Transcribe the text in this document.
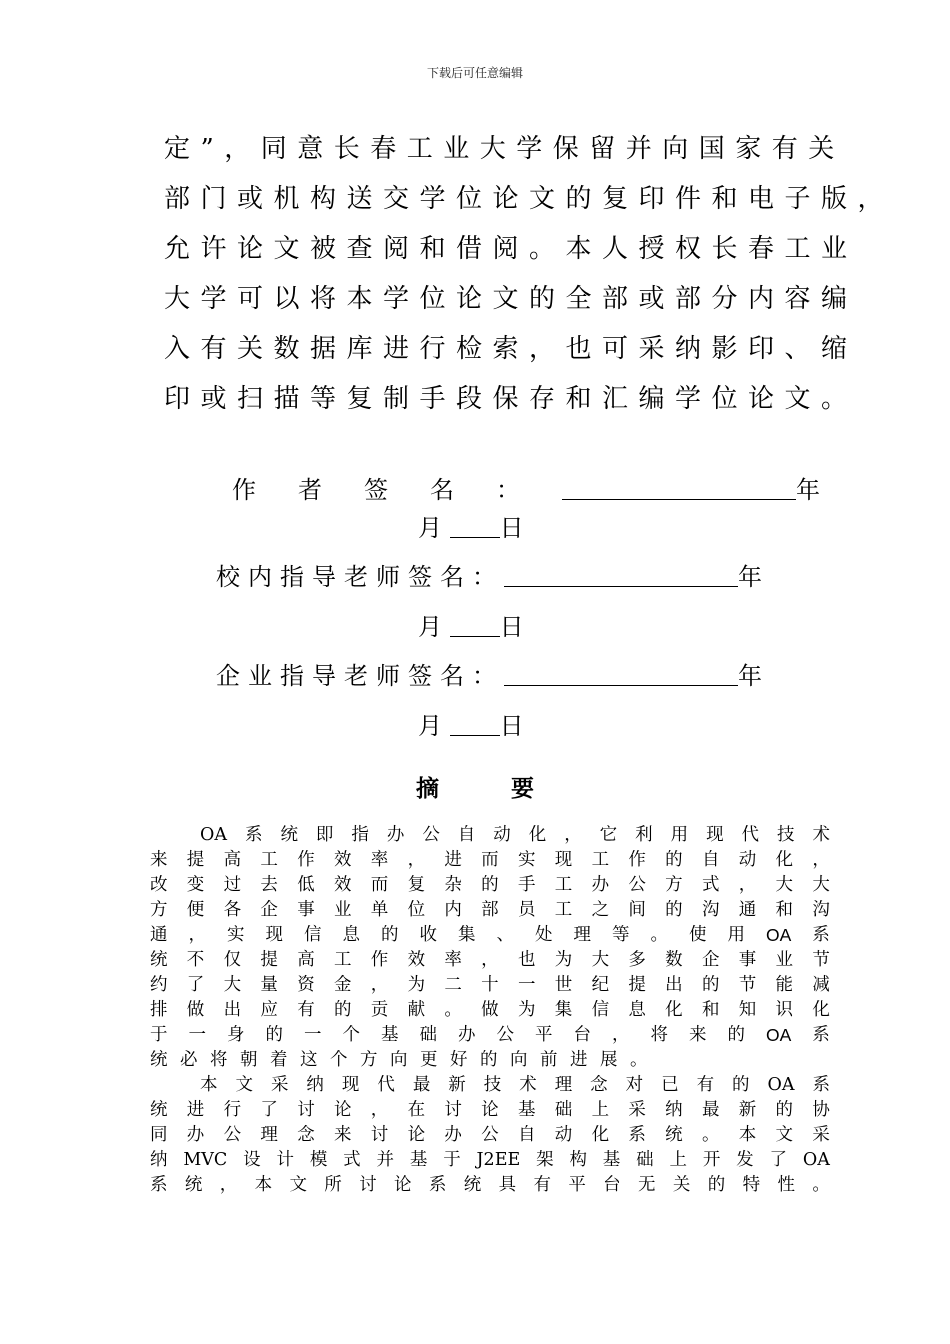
下载后可任意编辑
定”，同意长春工业大学保留并向国家有关
部门或机构送交学位论文的复印件和电子版，
允许论文被查阅和借阅。本人授权长春工业
大学可以将本学位论文的全部或部分内容编
入有关数据库进行检索，也可采纳影印、缩
印或扫描等复制手段保存和汇编学位论文。
作者签名：	年
月 日
校内指导老师签名：	年
月 日
企业指导老师签名：	年
月 日
摘	要
OA 系 统 即 指 办 公 自 动 化 ， 它 利 用 现 代 技 术
来 提 高 工 作 效 率 ， 进 而 实 现 工 作 的 自 动 化 ，
改 变 过 去 低 效 而 复 杂 的 手 工 办 公 方 式 ， 大 大
方 便 各 企 事 业 单 位 内 部 员 工 之 间 的 沟 通 和 沟
通 ， 实 现 信 息 的 收 集 、 处 理 等 。 使 用 OA 系
统 不 仅 提 高 工 作 效 率 ， 也 为 大 多 数 企 事 业 节
约 了 大 量 资 金 ， 为 二 十 一 世 纪 提 出 的 节 能 减
排 做 出 应 有 的 贡 献 。 做 为 集 信 息 化 和 知 识 化
于 一 身 的 一 个 基 础 办 公 平 台 ， 将 来 的 OA 系
统 必 将 朝 着 这 个 方 向 更 好 的 向 前 进 展 。
本 文 采 纳 现 代 最 新 技 术 理 念 对 已 有 的 OA 系
统 进 行 了 讨 论 ， 在 讨 论 基 础 上 采 纳 最 新 的 协
同 办 公 理 念 来 讨 论 办 公 自 动 化 系 统 。 本 文 采
纳 MVC 设 计 模 式 并 基 于 J2EE 架 构 基 础 上 开 发 了 OA
系 统 ， 本 文 所 讨 论 系 统 具 有 平 台 无 关 的 特 性 。
